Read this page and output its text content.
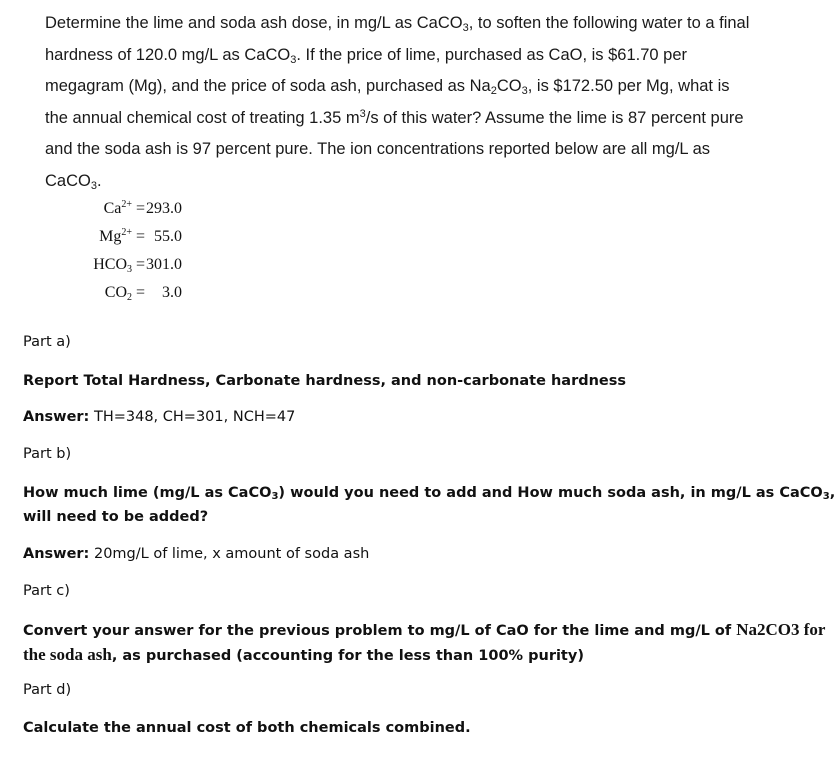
Determine the lime and soda ash dose, in mg/L as CaCO$_3$, to soften the following water to a final
hardness of 120.0 mg/L as CaCO$_3$. If the price of lime, purchased as CaO, is $61.70 per
megagram (Mg), and the price of soda ash, purchased as $Na_2CO_3$, is $172.50 per Mg, what is
the annual chemical cost of treating 1.35 $m^3/s$ of this water? Assume the lime is 87 percent pure
and the soda ash is 97 percent pure. The ion concentrations reported below are all mg/L as
CaCO$_3$.
$Ca^{2+} = 293.0$
$Mg^{2+} = 55.0$
$HCO_3 = 301.0$
$CO_2 = 3.0$
Part a)
Report Total Hardness, Carbonate hardness, and non-carbonate hardness
Answer: TH=348, CH=301, NCH=47
Part b)
How much lime (mg/L as CaCO$_3$) would you need to add and How much soda ash, in mg/L as CaCO$_3$,
will need to be added?
Answer: 20mg/L of lime, x amount of soda ash
Part c)
Convert your answer for the previous problem to mg/L of CaO for the lime and mg/L of Na2CO3 for
the soda ash, as purchased (accounting for the less than 100% purity)
Part d)
Calculate the annual cost of both chemicals combined.
